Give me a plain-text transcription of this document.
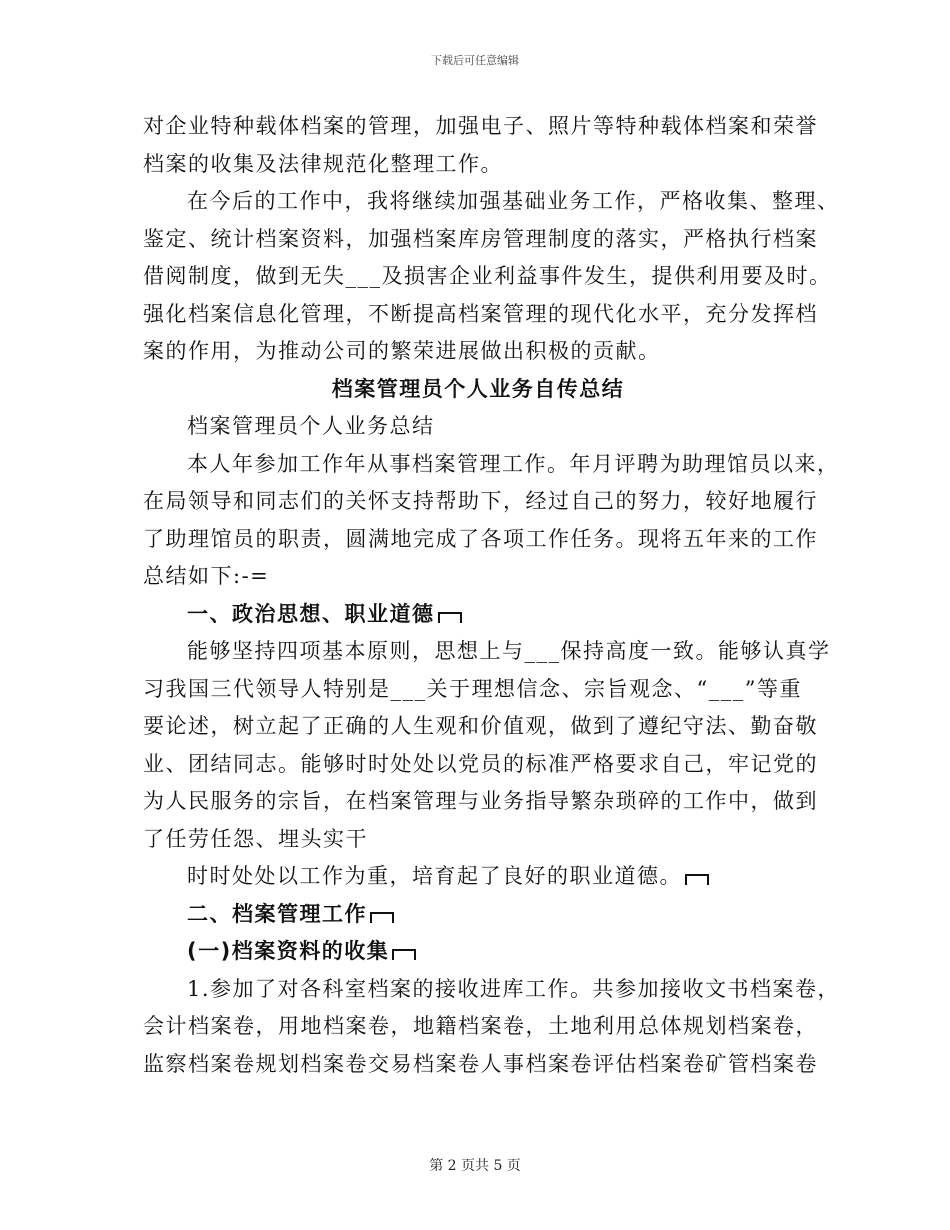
下载后可任意编辑
对企业特种载体档案的管理，加强电子、照片等特种载体档案和荣誉
档案的收集及法律规范化整理工作。
在今后的工作中，我将继续加强基础业务工作，严格收集、整理、
鉴定、统计档案资料，加强档案库房管理制度的落实，严格执行档案
借阅制度，做到无失___及损害企业利益事件发生，提供利用要及时。
强化档案信息化管理，不断提高档案管理的现代化水平，充分发挥档
案的作用，为推动公司的繁荣进展做出积极的贡献。
档案管理员个人业务自传总结
档案管理员个人业务总结
本人年参加工作年从事档案管理工作。年月评聘为助理馆员以来，
在局领导和同志们的关怀支持帮助下，经过自己的努力，较好地履行
了助理馆员的职责，圆满地完成了各项工作任务。现将五年来的工作
总结如下:-=
一、政治思想、职业道德
能够坚持四项基本原则，思想上与___保持高度一致。能够认真学
习我国三代领导人特别是___关于理想信念、宗旨观念、“___”等重
要论述，树立起了正确的人生观和价值观，做到了遵纪守法、勤奋敬
业、团结同志。能够时时处处以党员的标准严格要求自己，牢记党的
为人民服务的宗旨，在档案管理与业务指导繁杂琐碎的工作中，做到
了任劳任怨、埋头实干
时时处处以工作为重，培育起了良好的职业道德。
二、档案管理工作
(一)档案资料的收集
1.参加了对各科室档案的接收进库工作。共参加接收文书档案卷，
会计档案卷，用地档案卷，地籍档案卷，土地利用总体规划档案卷，
监察档案卷规划档案卷交易档案卷人事档案卷评估档案卷矿管档案卷
第 2 页共 5 页
